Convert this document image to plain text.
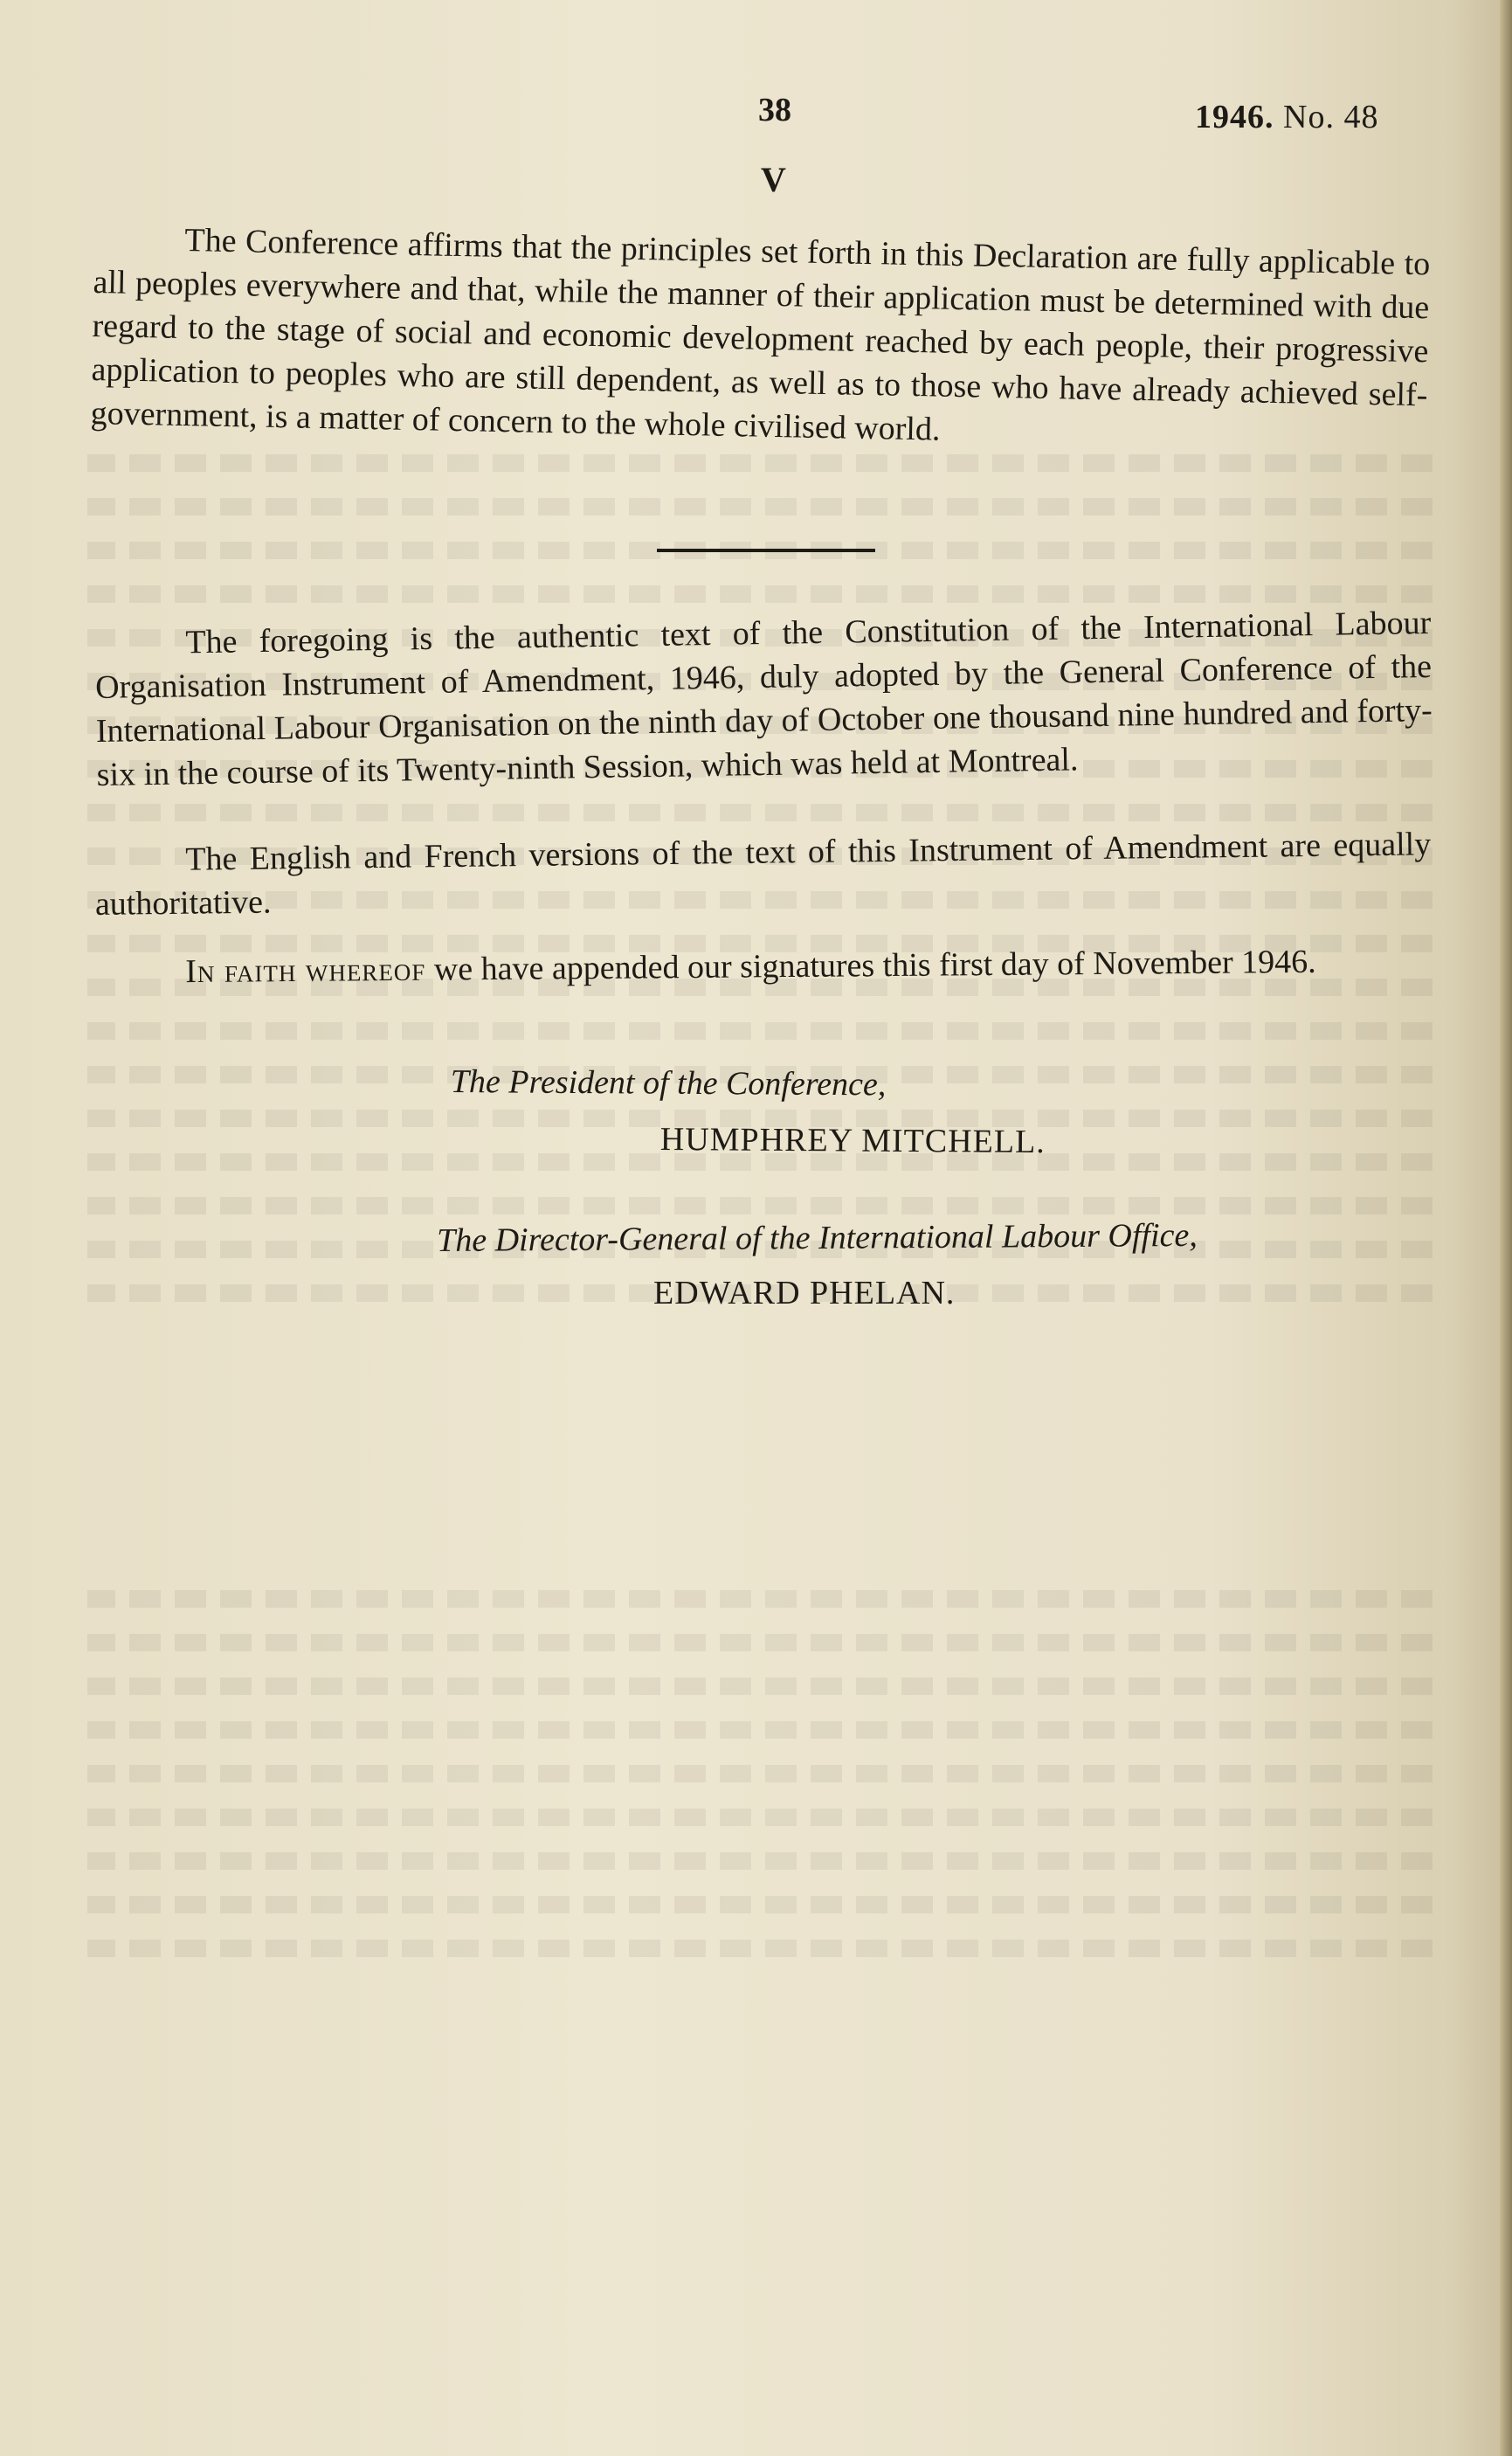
38	1946. No. 48
V

The Conference affirms that the principles set forth in this Declaration are fully applicable to all peoples everywhere and that, while the manner of their application must be determined with due regard to the stage of social and economic development reached by each people, their progressive application to peoples who are still dependent, as well as to those who have already achieved self-government, is a matter of concern to the whole civilised world.

The foregoing is the authentic text of the Constitution of the International Labour Organisation Instrument of Amendment, 1946, duly adopted by the General Conference of the International Labour Organisation on the ninth day of October one thousand nine hundred and forty-six in the course of its Twenty-ninth Session, which was held at Montreal.

The English and French versions of the text of this Instrument of Amendment are equally authoritative.

In faith whereof we have appended our signatures this first day of November 1946.

The President of the Conference,
HUMPHREY MITCHELL.
The Director-General of the International Labour Office,
EDWARD PHELAN.
